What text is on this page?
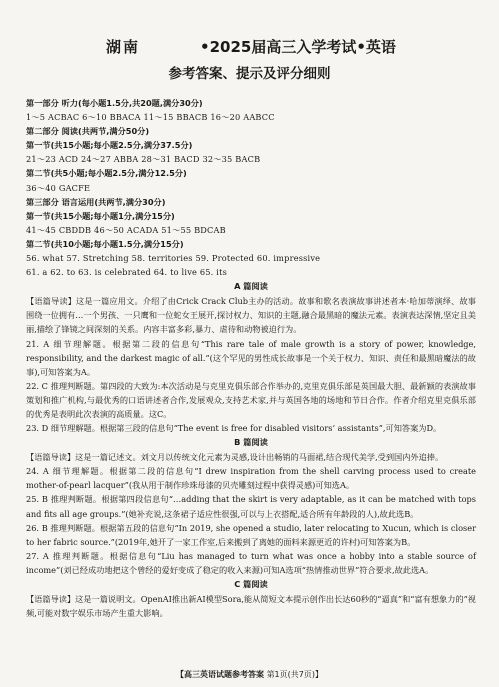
湖南	•2025届高三入学考试•英语
参考答案、提示及评分细则
第一部分 听力(每小题1.5分,共20题,满分30分)
1～5 ACBAC 6～10 BBACA 11～15 BBACB 16～20 AABCC
第二部分 阅读(共两节,满分50分)
第一节(共15小题;每小题2.5分,满分37.5分)
21～23 ACD 24～27 ABBA 28～31 BACD 32～35 BACB
第二节(共5小题;每小题2.5分,满分12.5分)
36～40 GACFE
第三部分 语言运用(共两节,满分30分)
第一节(共15小题;每小题1分,满分15分)
41～45 CBDDB 46～50 ACADA 51～55 BDCAB
第二节(共10小题;每小题1.5分,满分15分)
56. what 57. Stretching 58. territories 59. Protected 60. impressive
61. a 62. to 63. is celebrated 64. to live 65. its
A 篇阅读
【语篇导读】这是一篇应用文。介绍了由Crick Crack Club主办的活动。故事和歌名表演故事讲述者本·哈加蒂演绎、故事围绕一位拥有…一个男孩、一只鹰和一位蛇女王展开,探讨权力、知识的主题,融合最黑暗的魔法元素。表演表达深情,坚定且美丽,描绘了锋镜之间深刻的关系。内容丰富多彩,暴力、虐待和动物被迫行为。
21. A 细节理解题。根据第二段的信息句“This rare tale of male growth is a story of power, knowledge, responsibility, and the darkest magic of all.”(这个罕见的男性成长故事是一个关于权力、知识、责任和最黑暗魔法的故事),可知答案为A。
22. C 推理判断题。第四段的大致为:本次活动是与克里克俱乐部合作举办的,克里克俱乐部是英国最大胆、最新颖的表演故事策划和推广机构,与最优秀的口语讲述者合作,发展观众,支持艺术家,并与英国各地的场地和节日合作。作者介绍克里克俱乐部的优秀是表明此次表演的高质量。这C。
23. D 细节理解题。根据第三段的信息句“The event is free for disabled visitors’ assistants”,可知答案为D。
B 篇阅读
【语篇导读】这是一篇记述文。刘文月以传统文化元素为灵感,设计出畅销的马面裙,结合现代美学,受到国内外追捧。
24. A 细节理解题。根据第二段的信息句“I drew inspiration from the shell carving process used to create mother-of-pearl lacquer”(我从用于制作珍珠母漆的贝壳雕刻过程中获得灵感)可知选A。
25. B 推理判断题。根据第四段信息句“…adding that the skirt is very adaptable, as it can be matched with tops and fits all age groups.”(她补充说,这条裙子适应性很强,可以与上衣搭配,适合所有年龄段的人),故此选B。
26. B 推理判断题。根据第五段的信息句“In 2019, she opened a studio, later relocating to Xucun, which is closer to her fabric source.”(2019年,她开了一家工作室,后来搬到了离她的面料来源更近的许村)可知答案为B。
27. A 推理判断题。根据信息句“Liu has managed to turn what was once a hobby into a stable source of income”(刘已经成功地把这个曾经的爱好变成了稳定的收入来源)可知A选项“热情推动世界”符合要求,故此选A。
C 篇阅读
【语篇导读】这是一篇说明文。OpenAI推出新AI模型Sora,能从简短文本提示创作出长达60秒的“逼真”和“富有想象力的”视频,可能对数字娱乐市场产生重大影响。
【高三英语试题参考答案 第1页(共7页)】
